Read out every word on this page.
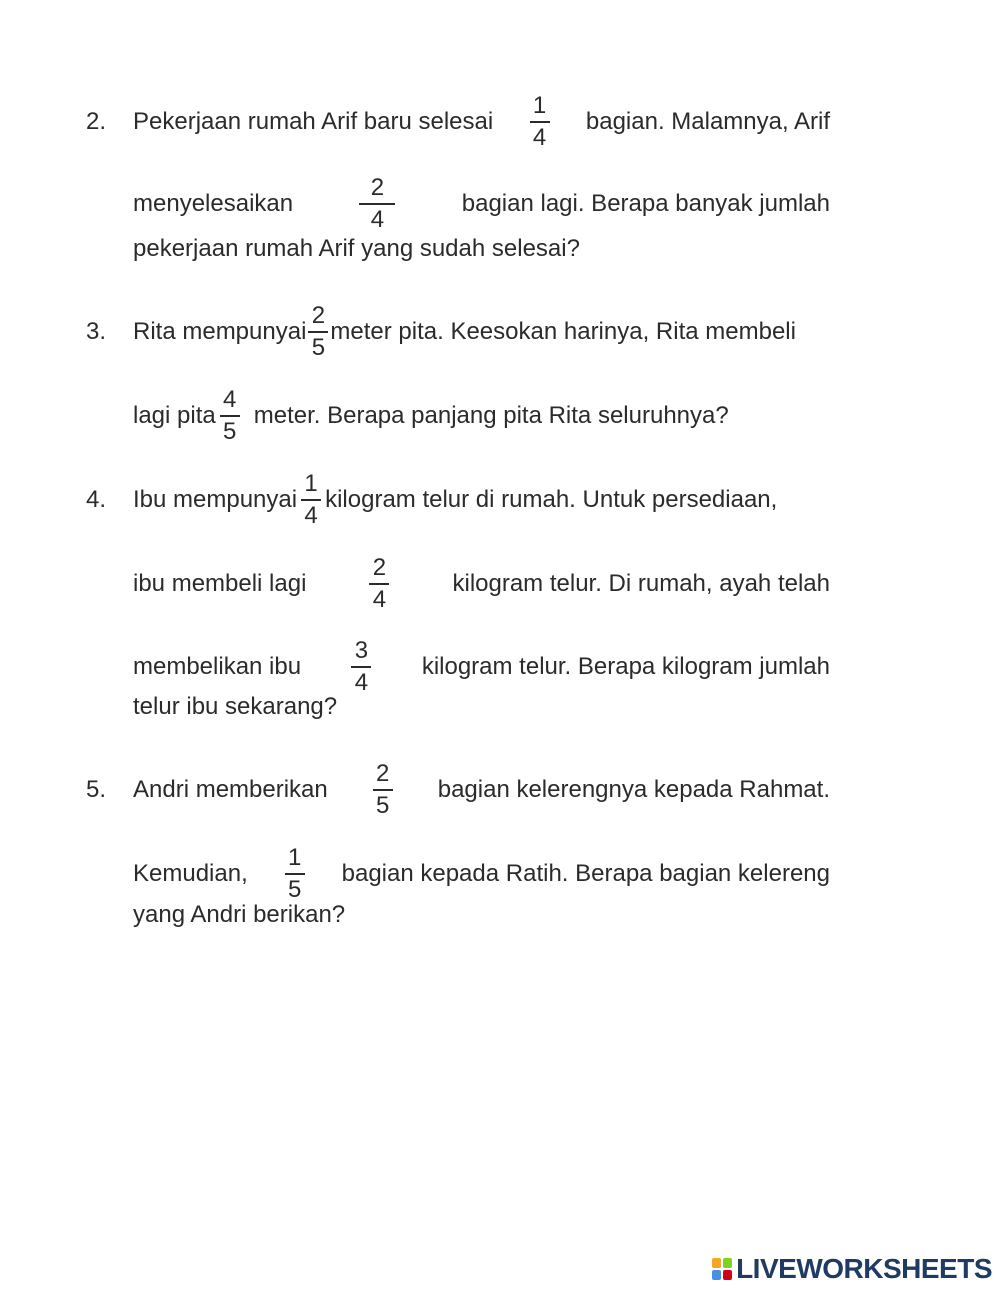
2. Pekerjaan rumah Arif baru selesai $\frac{1}{4}$ bagian. Malamnya, Arif
menyelesaikan	$\frac{2}{4}$	bagian lagi. Berapa banyak jumlah
pekerjaan rumah Arif yang sudah selesai?
3. Rita mempunyai $\frac{2}{5}$ meter pita. Keesokan harinya, Rita membeli
lagi pita $\frac{4}{5}$ meter. Berapa panjang pita Rita seluruhnya?
4. Ibu mempunyai $\frac{1}{4}$ kilogram telur di rumah. Untuk persediaan,
ibu membeli lagi	$\frac{2}{4}$	kilogram telur. Di rumah, ayah telah
membelikan ibu $\frac{3}{4}$ kilogram telur. Berapa kilogram jumlah
telur ibu sekarang?
5. Andri memberikan $\frac{2}{5}$ bagian kelerengnya kepada Rahmat.
Kemudian, $\frac{1}{5}$ bagian kepada Ratih. Berapa bagian kelereng
yang Andri berikan?
LIVEWORKSHEETS
